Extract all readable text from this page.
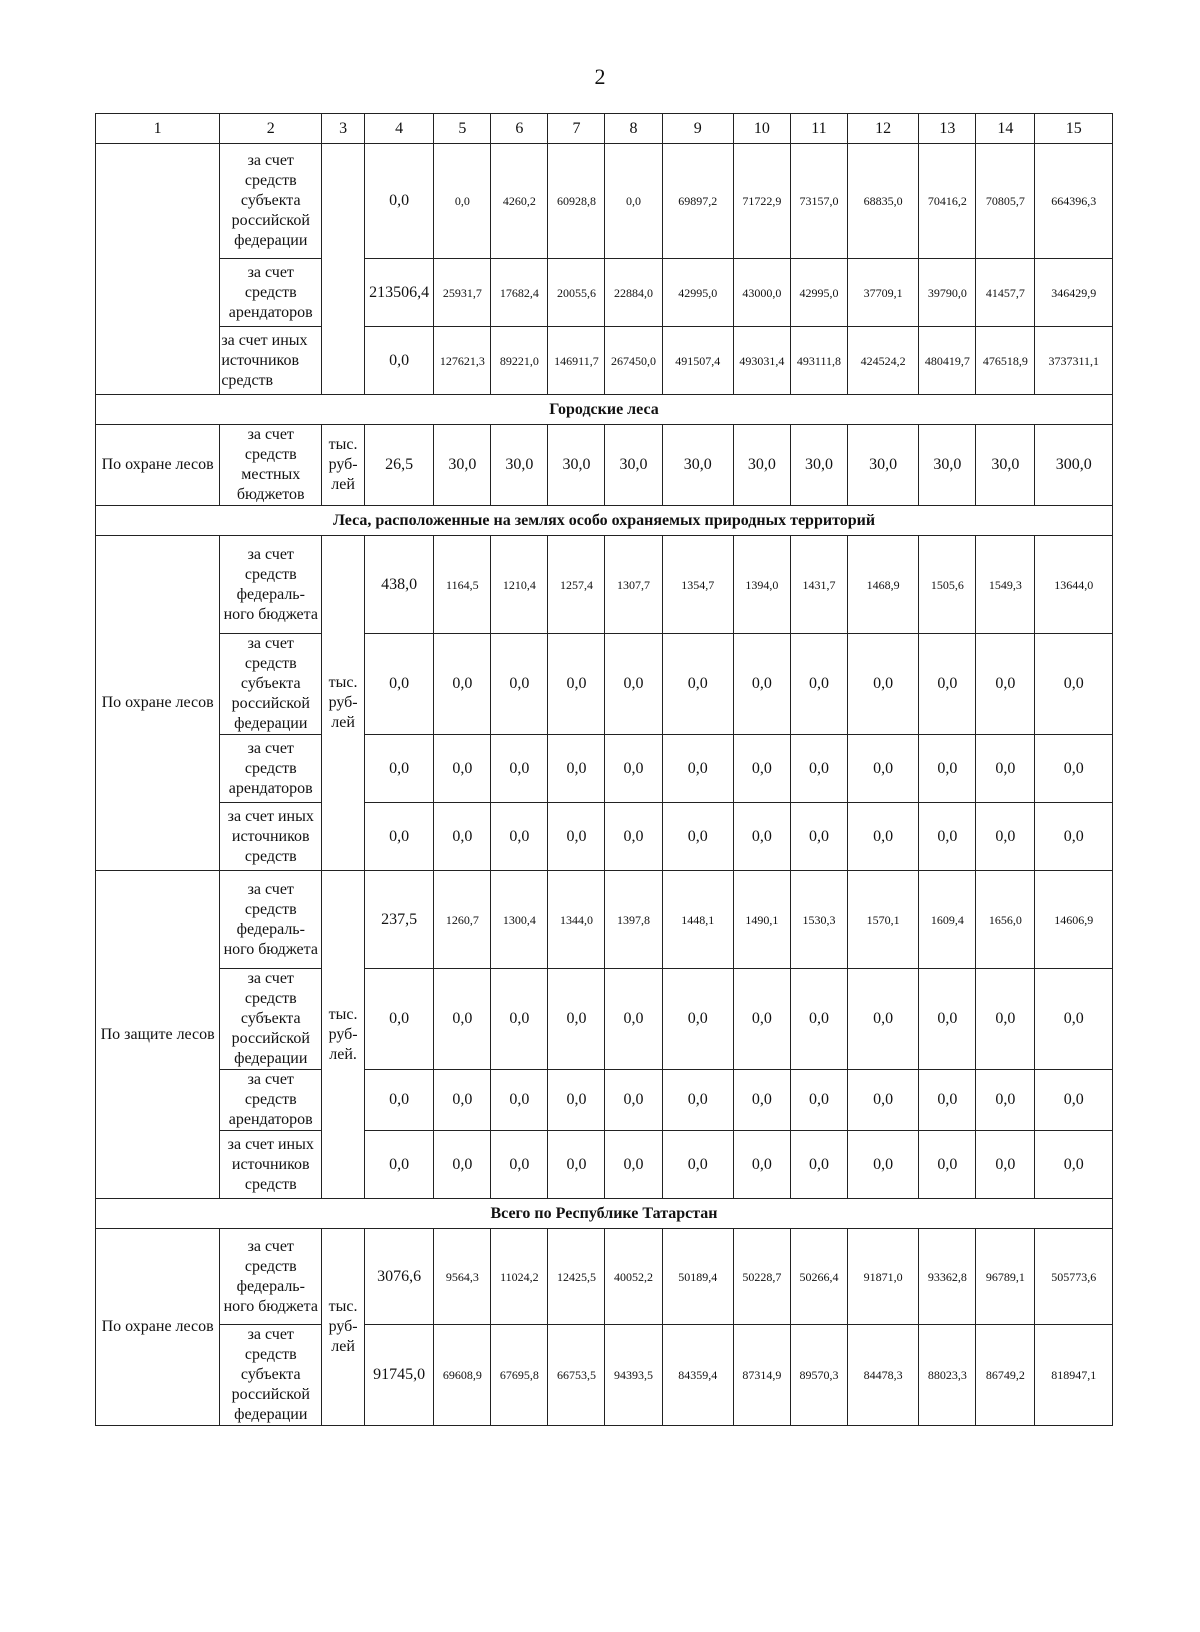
2
1	2	3	4	5	6	7	8	9	10	11	12	13	14	15
	за счет средств субъекта российской федерации		0,0	0,0	4260,2	60928,8	0,0	69897,2	71722,9	73157,0	68835,0	70416,2	70805,7	664396,3
	за счет средств арендаторов		213506,4	25931,7	17682,4	20055,6	22884,0	42995,0	43000,0	42995,0	37709,1	39790,0	41457,7	346429,9
	за счет иных источников средств		0,0	127621,3	89221,0	146911,7	267450,0	491507,4	493031,4	493111,8	424524,2	480419,7	476518,9	3737311,1
Городские леса														
По охране лесов	за счет средств местных бюджетов	тыс. руб-лей	26,5	30,0	30,0	30,0	30,0	30,0	30,0	30,0	30,0	30,0	30,0	300,0
Леса, расположенные на землях особо охраняемых природных территорий														
По охране лесов	за счет средств федераль-ного бюджета	тыс. руб-лей	438,0	1164,5	1210,4	1257,4	1307,7	1354,7	1394,0	1431,7	1468,9	1505,6	1549,3	13644,0
	за счет средств субъекта российской федерации		0,0	0,0	0,0	0,0	0,0	0,0	0,0	0,0	0,0	0,0	0,0	0,0
	за счет средств арендаторов		0,0	0,0	0,0	0,0	0,0	0,0	0,0	0,0	0,0	0,0	0,0	0,0
	за счет иных источников средств		0,0	0,0	0,0	0,0	0,0	0,0	0,0	0,0	0,0	0,0	0,0	0,0
По защите лесов	за счет средств федераль-ного бюджета	тыс. руб-лей.	237,5	1260,7	1300,4	1344,0	1397,8	1448,1	1490,1	1530,3	1570,1	1609,4	1656,0	14606,9
	за счет средств субъекта российской федерации		0,0	0,0	0,0	0,0	0,0	0,0	0,0	0,0	0,0	0,0	0,0	0,0
	за счет средств арендаторов		0,0	0,0	0,0	0,0	0,0	0,0	0,0	0,0	0,0	0,0	0,0	0,0
	за счет иных источников средств		0,0	0,0	0,0	0,0	0,0	0,0	0,0	0,0	0,0	0,0	0,0	0,0
Всего по Республике Татарстан														
По охране лесов	за счет средств федераль-ного бюджета	тыс. руб-лей	3076,6	9564,3	11024,2	12425,5	40052,2	50189,4	50228,7	50266,4	91871,0	93362,8	96789,1	505773,6
	за счет средств субъекта российской федерации		91745,0	69608,9	67695,8	66753,5	94393,5	84359,4	87314,9	89570,3	84478,3	88023,3	86749,2	818947,1
